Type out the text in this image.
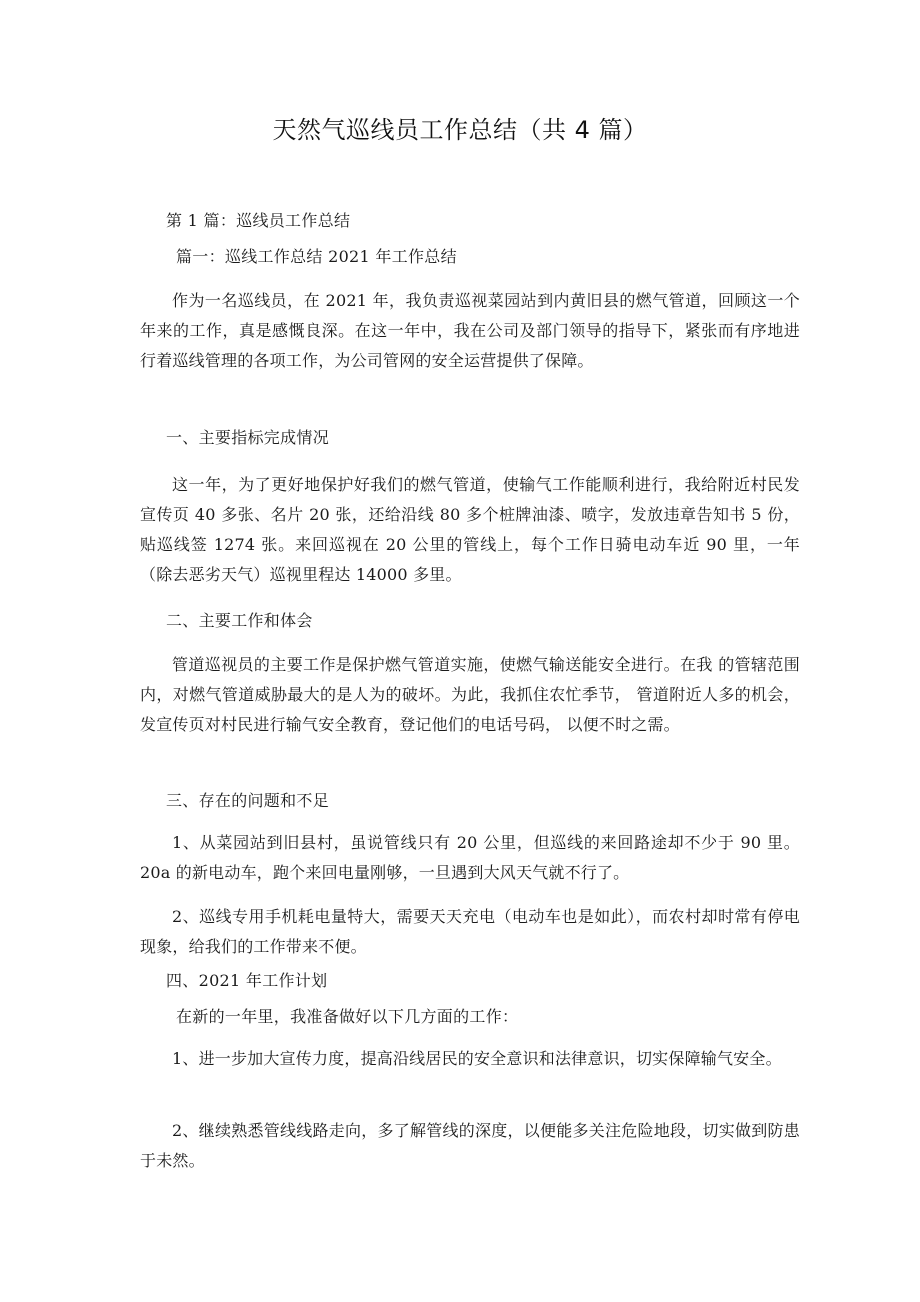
天然气巡线员工作总结（共 4 篇）
第 1 篇：巡线员工作总结
篇一：巡线工作总结 2021 年工作总结

作为一名巡线员，在 2021 年，我负责巡视菜园站到内黄旧县的燃气管道，回顾这一个年来的工作，真是感慨良深。在这一年中，我在公司及部门领导的指导下，紧张而有序地进行着巡线管理的各项工作，为公司管网的安全运营提供了保障。

一、主要指标完成情况

这一年，为了更好地保护好我们的燃气管道，使输气工作能顺利进行，我给附近村民发宣传页 40 多张、名片 20 张，还给沿线 80 多个桩牌油漆、喷字，发放违章告知书 5 份，贴巡线签 1274 张。来回巡视在 20 公里的管线上，每个工作日骑电动车近 90 里，一年（除去恶劣天气）巡视里程达 14000 多里。

二、主要工作和体会

管道巡视员的主要工作是保护燃气管道实施，使燃气输送能安全进行。在我 的管辖范围内，对燃气管道威胁最大的是人为的破坏。为此，我抓住农忙季节， 管道附近人多的机会，发宣传页对村民进行输气安全教育，登记他们的电话号码， 以便不时之需。

三、存在的问题和不足

1、从菜园站到旧县村，虽说管线只有 20 公里，但巡线的来回路途却不少于 90 里。20a 的新电动车，跑个来回电量刚够，一旦遇到大风天气就不行了。

2、巡线专用手机耗电量特大，需要天天充电（电动车也是如此），而农村却时常有停电现象，给我们的工作带来不便。

四、2021 年工作计划
在新的一年里，我准备做好以下几方面的工作：

1、进一步加大宣传力度，提高沿线居民的安全意识和法律意识，切实保障输气安全。

2、继续熟悉管线线路走向，多了解管线的深度，以便能多关注危险地段，切实做到防患于未然。
